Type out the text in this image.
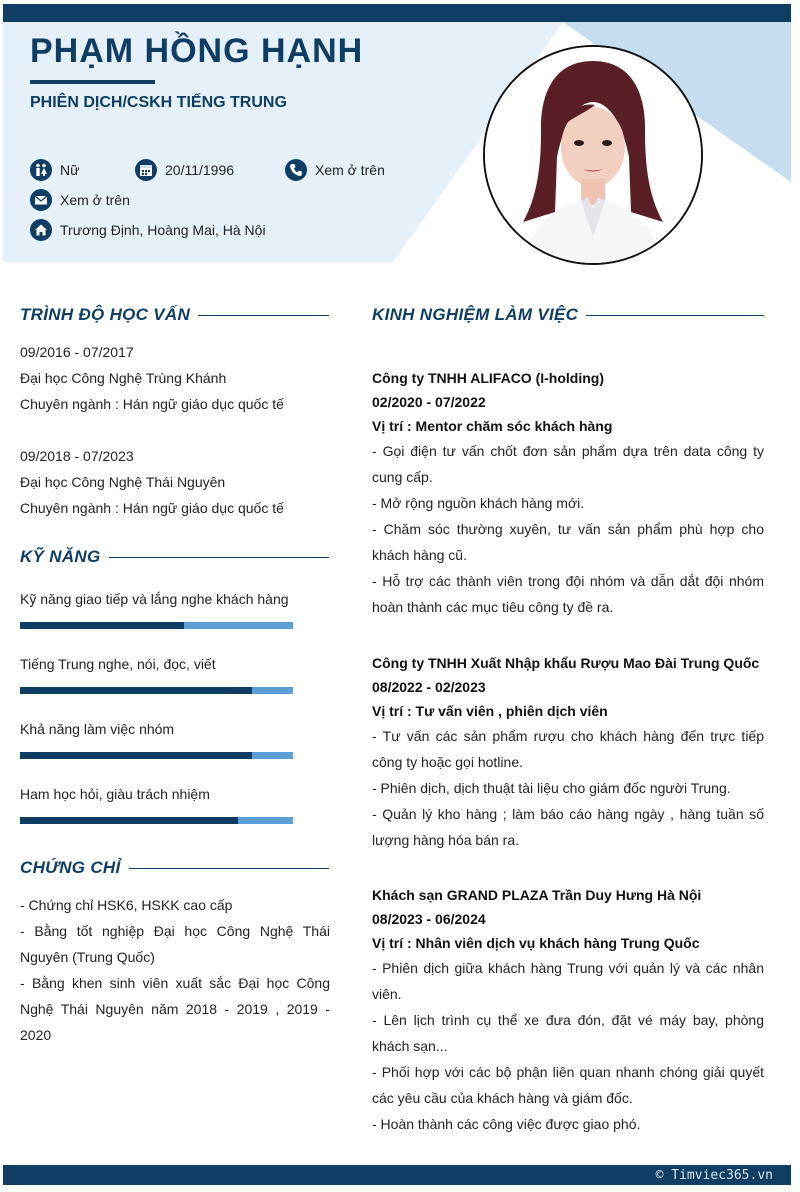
PHẠM HỒNG HẠNH
PHIÊN DỊCH/CSKH TIẾNG TRUNG
Nữ	20/11/1996	Xem ở trên
Xem ở trên
Trương Định, Hoàng Mai, Hà Nội
TRÌNH ĐỘ HỌC VẤN
09/2016 - 07/2017
Đại học Công Nghệ Trùng Khánh
Chuyên ngành : Hán ngữ giáo dục quốc tế
09/2018 - 07/2023
Đại học Công Nghệ Thái Nguyên
Chuyên ngành : Hán ngữ giáo dục quốc tế
KỸ NĂNG
Kỹ năng giao tiếp và lắng nghe khách hàng
Tiếng Trung nghe, nói, đọc, viết
Khả năng làm việc nhóm
Ham học hỏi, giàu trách nhiệm
CHỨNG CHỈ
- Chứng chỉ HSK6, HSKK cao cấp
- Bằng tốt nghiệp Đại học Công Nghệ Thái Nguyên (Trung Quốc)
- Bằng khen sinh viên xuất sắc Đại học Công Nghệ Thái Nguyên năm 2018 - 2019 , 2019 - 2020
KINH NGHIỆM LÀM VIỆC
Công ty TNHH ALIFACO (I-holding)
02/2020 - 07/2022
Vị trí : Mentor chăm sóc khách hàng
- Gọi điện tư vấn chốt đơn sản phẩm dựa trên data công ty cung cấp.
- Mở rộng nguồn khách hàng mới.
- Chăm sóc thường xuyên, tư vấn sản phẩm phù hợp cho khách hàng cũ.
- Hỗ trợ các thành viên trong đội nhóm và dẫn dắt đội nhóm hoàn thành các mục tiêu công ty đề ra.
Công ty TNHH Xuất Nhập khẩu Rượu Mao Đài Trung Quốc
08/2022 - 02/2023
Vị trí : Tư vấn viên , phiên dịch viên
- Tư vấn các sản phẩm rượu cho khách hàng đến trực tiếp công ty hoặc gọi hotline.
- Phiên dịch, dịch thuật tài liệu cho giám đốc người Trung.
- Quản lý kho hàng ; làm báo cáo hàng ngày , hàng tuần số lượng hàng hóa bán ra.
Khách sạn GRAND PLAZA Trần Duy Hưng Hà Nội
08/2023 - 06/2024
Vị trí : Nhân viên dịch vụ khách hàng Trung Quốc
- Phiên dịch giữa khách hàng Trung với quản lý và các nhân viên.
- Lên lịch trình cụ thể xe đưa đón, đặt vé máy bay, phòng khách sạn...
- Phối hợp với các bộ phận liên quan nhanh chóng giải quyết các yêu cầu của khách hàng và giám đốc.
- Hoàn thành các công việc được giao phó.
© Timviec365.vn
